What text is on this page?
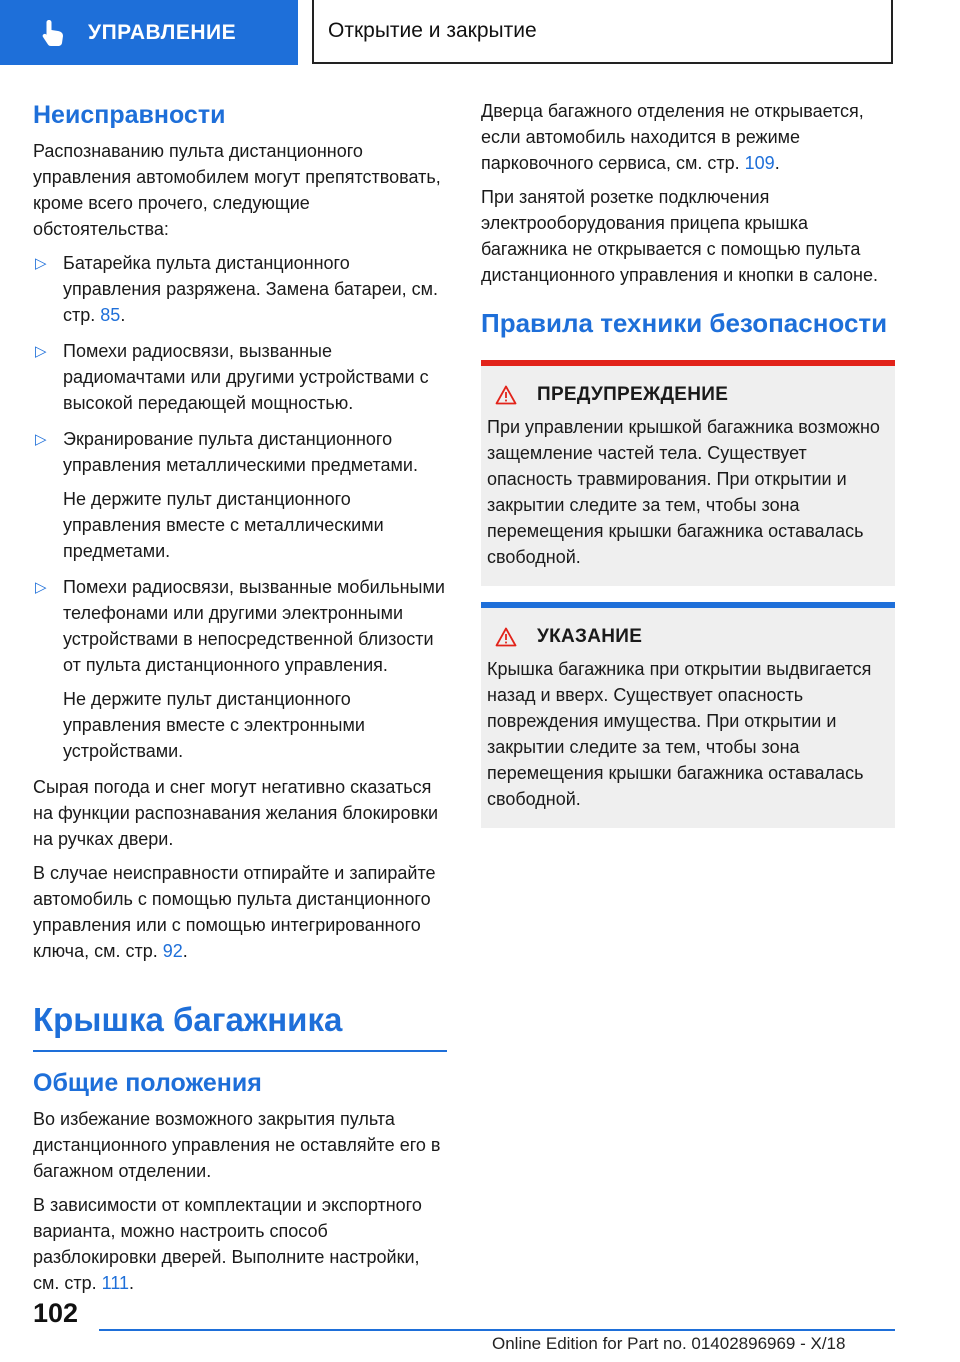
УПРАВЛЕНИЕ	Открытие и закрытие
Неисправности

Распознаванию пульта дистанционного управления автомобилем могут препятствовать, кроме всего прочего, следующие обстоятельства:

▷ Батарейка пульта дистанционного управления разряжена. Замена батареи, см. стр. 85.
▷ Помехи радиосвязи, вызванные радиомачтами или другими устройствами с высокой передающей мощностью.
▷ Экранирование пульта дистанционного управления металлическими предметами.
Не держите пульт дистанционного управления вместе с металлическими предметами.
▷ Помехи радиосвязи, вызванные мобильными телефонами или другими электронными устройствами в непосредственной близости от пульта дистанционного управления.
Не держите пульт дистанционного управления вместе с электронными устройствами.

Сырая погода и снег могут негативно сказаться на функции распознавания желания блокировки на ручках двери.

В случае неисправности отпирайте и запирайте автомобиль с помощью пульта дистанционного управления или с помощью интегрированного ключа, см. стр. 92.

Крышка багажника
Общие положения

Во избежание возможного закрытия пульта дистанционного управления не оставляйте его в багажном отделении.

В зависимости от комплектации и экспортного варианта, можно настроить способ разблокировки дверей. Выполните настройки, см. стр. 111.

Дверца багажного отделения не открывается, если автомобиль находится в режиме парковочного сервиса, см. стр. 109.

При занятой розетке подключения электрооборудования прицепа крышка багажника не открывается с помощью пульта дистанционного управления и кнопки в салоне.

Правила техники безопасности
ПРЕДУПРЕЖДЕНИЕ

При управлении крышкой багажника возможно защемление частей тела. Существует опасность травмирования. При открытии и закрытии следите за тем, чтобы зона перемещения крышки багажника оставалась свободной.

УКАЗАНИЕ

Крышка багажника при открытии выдвигается назад и вверх. Существует опасность повреждения имущества. При открытии и закрытии следите за тем, чтобы зона перемещения крышки багажника оставалась свободной.

102
Online Edition for Part no. 01402896969 - X/18
